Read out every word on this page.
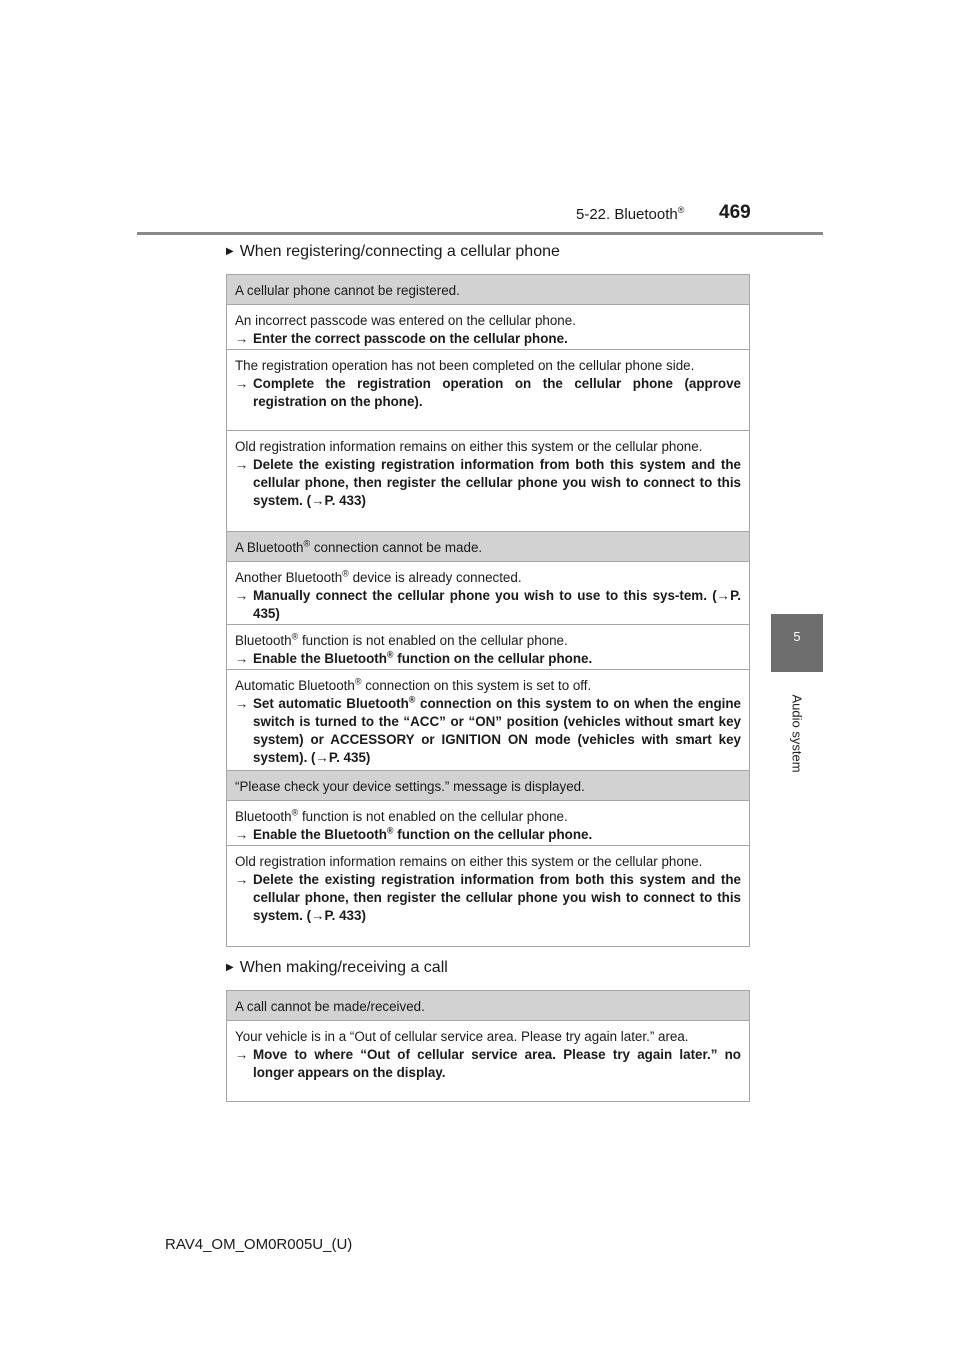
5-22. Bluetooth® 469
5
Audio system
▶ When registering/connecting a cellular phone

A cellular phone cannot be registered.

An incorrect passcode was entered on the cellular phone.

→ Enter the correct passcode on the cellular phone.

The registration operation has not been completed on the cellular phone side.

→ Complete the registration operation on the cellular phone (approve registration on the phone).

Old registration information remains on either this system or the cellular phone.

→ Delete the existing registration information from both this system and the cellular phone, then register the cellular phone you wish to connect to this system. (→P. 433)

A Bluetooth® connection cannot be made.

Another Bluetooth® device is already connected.

→ Manually connect the cellular phone you wish to use to this sys-tem. (→P. 435)

Bluetooth® function is not enabled on the cellular phone.

→ Enable the Bluetooth® function on the cellular phone.

Automatic Bluetooth® connection on this system is set to off.

→ Set automatic Bluetooth® connection on this system to on when the engine switch is turned to the “ACC” or “ON” position (vehicles without smart key system) or ACCESSORY or IGNITION ON mode (vehicles with smart key system). (→P. 435)

“Please check your device settings.” message is displayed.

Bluetooth® function is not enabled on the cellular phone.

→ Enable the Bluetooth® function on the cellular phone.

Old registration information remains on either this system or the cellular phone.

→ Delete the existing registration information from both this system and the cellular phone, then register the cellular phone you wish to connect to this system. (→P. 433)

▶ When making/receiving a call

A call cannot be made/received.

Your vehicle is in a “Out of cellular service area. Please try again later.” area.

→ Move to where “Out of cellular service area. Please try again later.” no longer appears on the display.

RAV4_OM_OM0R005U_(U)
